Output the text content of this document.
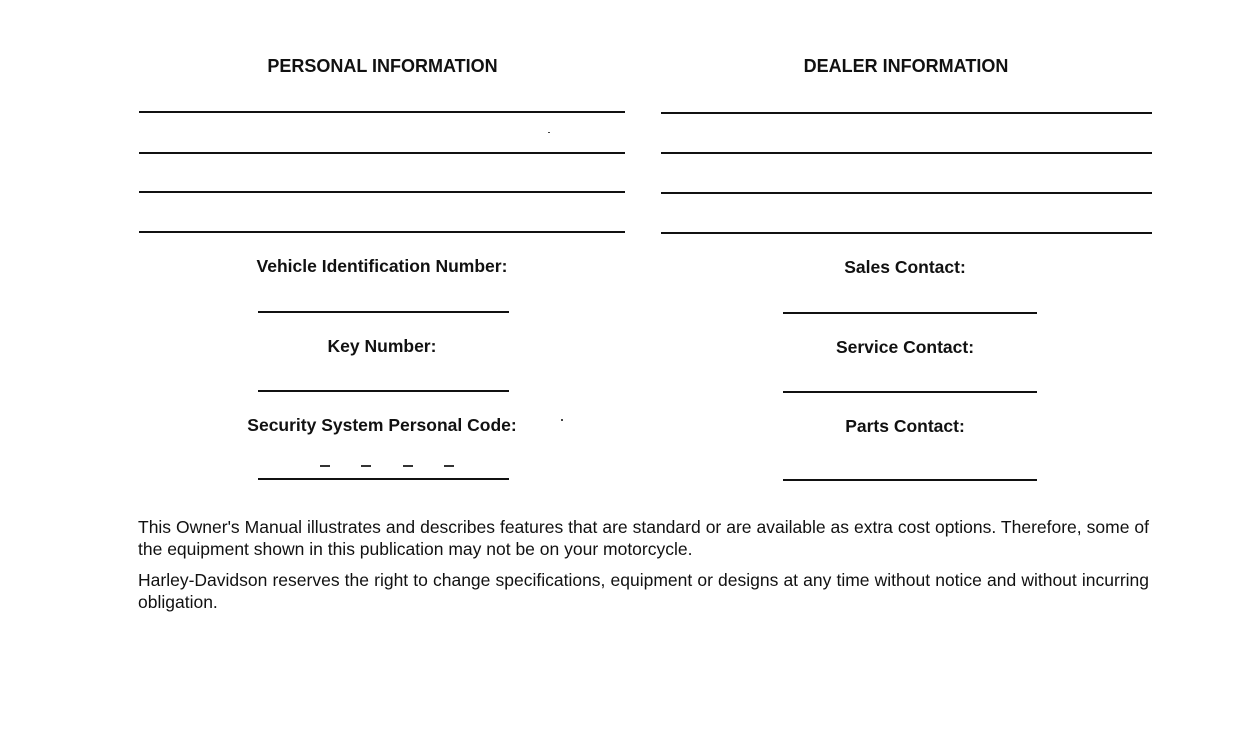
PERSONAL INFORMATION	DEALER INFORMATION
Vehicle Identification Number:
Key Number:
Security System Personal Code:
Sales Contact:
Service Contact:
Parts Contact:
This Owner's Manual illustrates and describes features that are standard or are available as extra cost options. Therefore, some of the equipment shown in this publication may not be on your motorcycle.
Harley-Davidson reserves the right to change specifications, equipment or designs at any time without notice and without incurring obligation.
